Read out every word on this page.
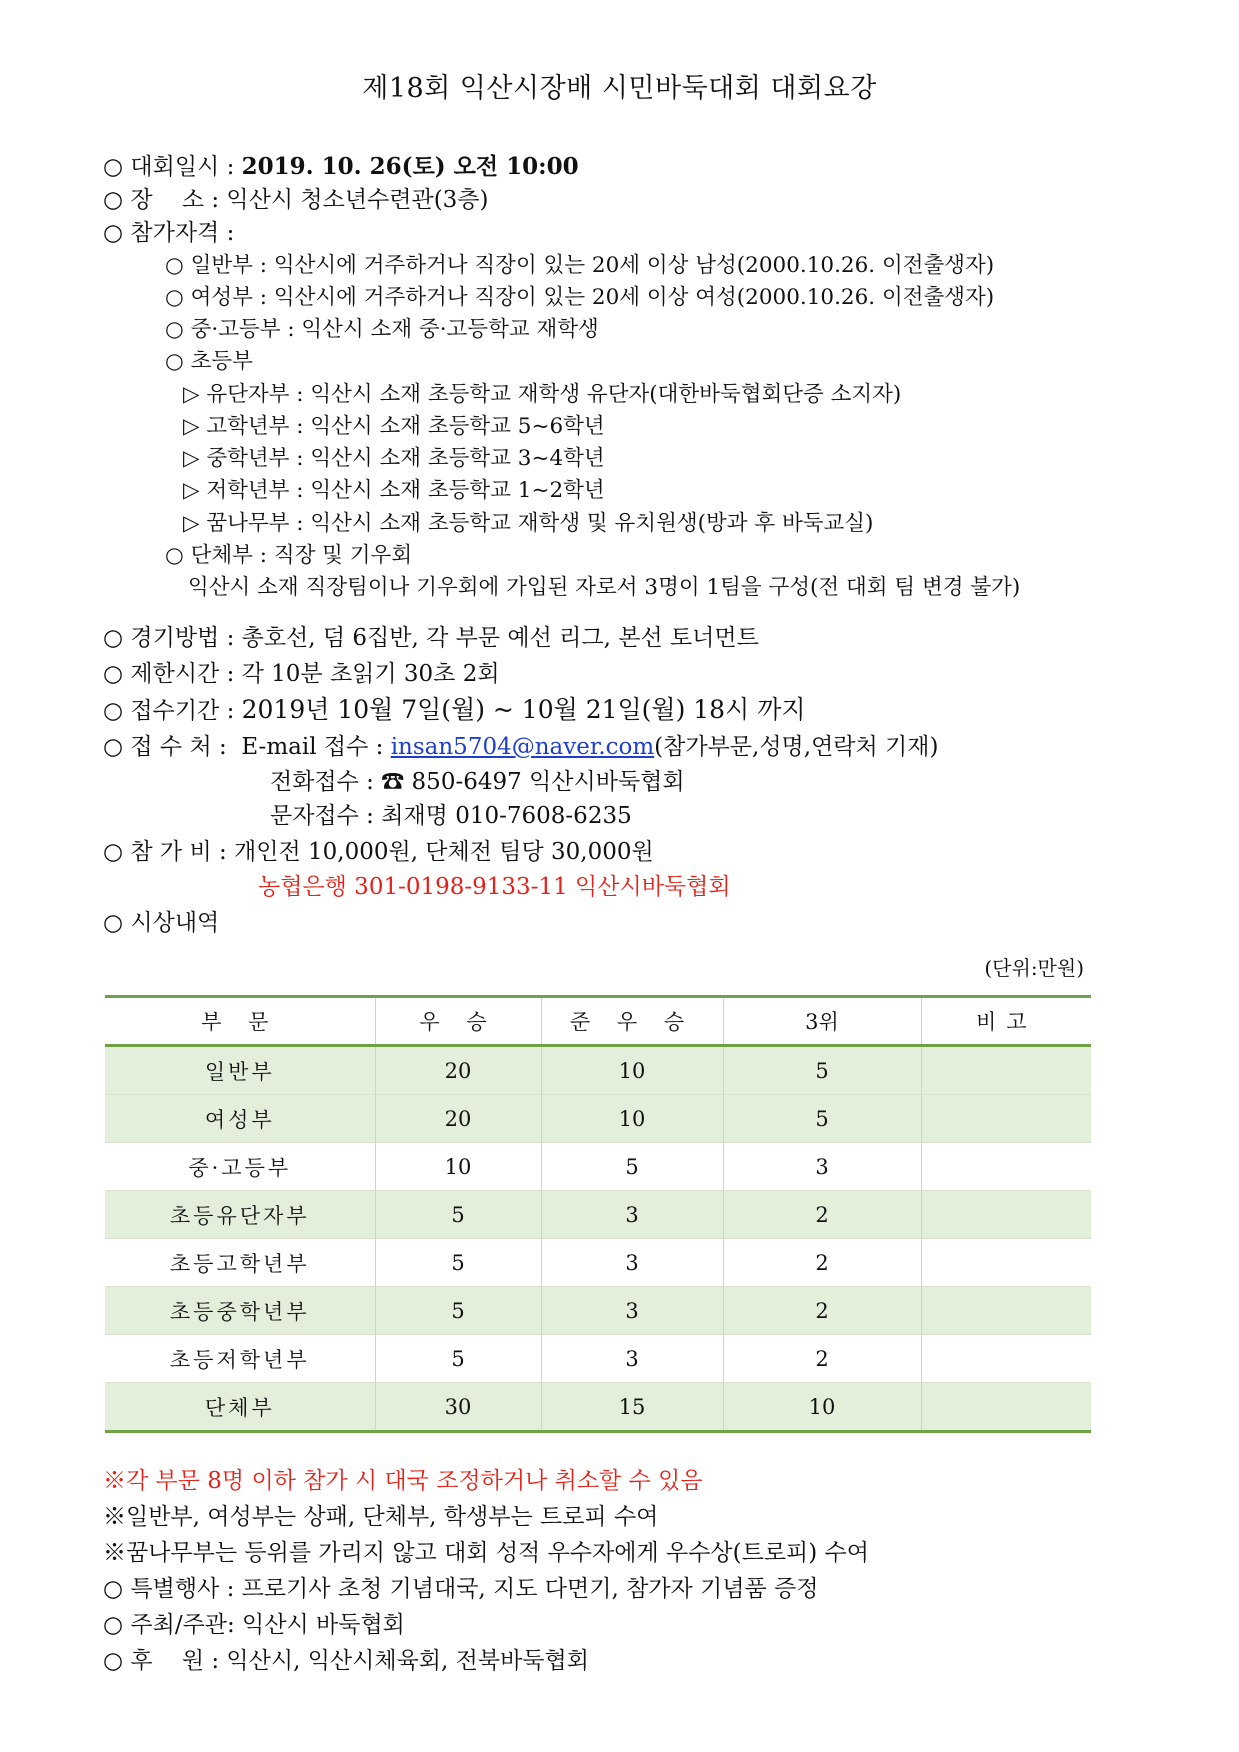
제18회 익산시장배 시민바둑대회 대회요강
○ 대회일시 : 2019. 10. 26(토) 오전 10:00
○ 장    소 : 익산시 청소년수련관(3층)
○ 참가자격 :
○ 일반부 : 익산시에 거주하거나 직장이 있는 20세 이상 남성(2000.10.26. 이전출생자)
○ 여성부 : 익산시에 거주하거나 직장이 있는 20세 이상 여성(2000.10.26. 이전출생자)
○ 중·고등부 : 익산시 소재 중·고등학교 재학생
○ 초등부
▷ 유단자부 : 익산시 소재 초등학교 재학생 유단자(대한바둑협회단증 소지자)
▷ 고학년부 : 익산시 소재 초등학교 5~6학년
▷ 중학년부 : 익산시 소재 초등학교 3~4학년
▷ 저학년부 : 익산시 소재 초등학교 1~2학년
▷ 꿈나무부 : 익산시 소재 초등학교 재학생 및 유치원생(방과 후 바둑교실)
○ 단체부 : 직장 및 기우회
익산시 소재 직장팀이나 기우회에 가입된 자로서 3명이 1팀을 구성(전 대회 팀 변경 불가)
○ 경기방법 : 총호선, 덤 6집반, 각 부문 예선 리그, 본선 토너먼트
○ 제한시간 : 각 10분 초읽기 30초 2회
○ 접수기간 : 2019년 10월 7일(월) ~ 10월 21일(월) 18시 까지
○ 접 수 처 :  E-mail 접수 : insan5704@naver.com(참가부문,성명,연락처 기재)
전화접수 : ☎ 850-6497 익산시바둑협회
문자접수 : 최재명 010-7608-6235
○ 참 가 비 : 개인전 10,000원, 단체전 팀당 30,000원
농협은행 301-0198-9133-11 익산시바둑협회
○ 시상내역
(단위:만원)
부 문	우 승	준 우 승	3위	비고
일반부	20	10	5	
여성부	20	10	5	
중·고등부	10	5	3	
초등유단자부	5	3	2	
초등고학년부	5	3	2	
초등중학년부	5	3	2	
초등저학년부	5	3	2	
단체부	30	15	10	
※각 부문 8명 이하 참가 시 대국 조정하거나 취소할 수 있음
※일반부, 여성부는 상패, 단체부, 학생부는 트로피 수여
※꿈나무부는 등위를 가리지 않고 대회 성적 우수자에게 우수상(트로피) 수여
○ 특별행사 : 프로기사 초청 기념대국, 지도 다면기, 참가자 기념품 증정
○ 주최/주관: 익산시 바둑협회
○ 후    원 : 익산시, 익산시체육회, 전북바둑협회
